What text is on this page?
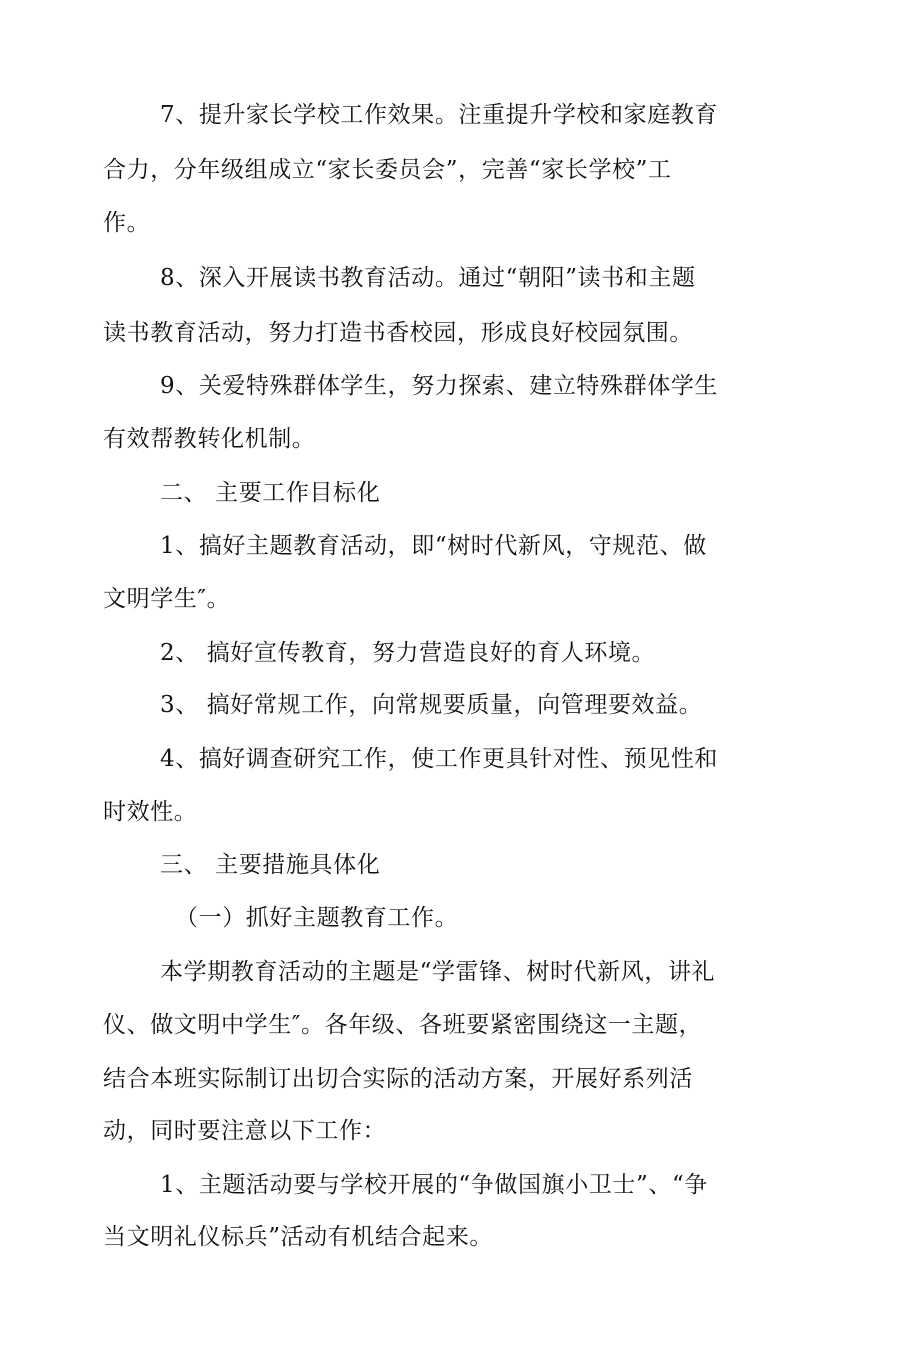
7、提升家长学校工作效果。注重提升学校和家庭教育
合力，分年级组成立“家长委员会”，完善“家长学校”工
作。
8、深入开展读书教育活动。通过“朝阳”读书和主题
读书教育活动，努力打造书香校园，形成良好校园氛围。
9、关爱特殊群体学生，努力探索、建立特殊群体学生
有效帮教转化机制。
二、 主要工作目标化
1、搞好主题教育活动，即“树时代新风，守规范、做
文明学生″。
2、 搞好宣传教育，努力营造良好的育人环境。
3、 搞好常规工作，向常规要质量，向管理要效益。
4、搞好调查研究工作，使工作更具针对性、预见性和
时效性。
三、 主要措施具体化
（一）抓好主题教育工作。
本学期教育活动的主题是“学雷锋、树时代新风，讲礼
仪、做文明中学生″。各年级、各班要紧密围绕这一主题，
结合本班实际制订出切合实际的活动方案，开展好系列活
动，同时要注意以下工作：
1、主题活动要与学校开展的“争做国旗小卫士”、“争
当文明礼仪标兵”活动有机结合起来。
